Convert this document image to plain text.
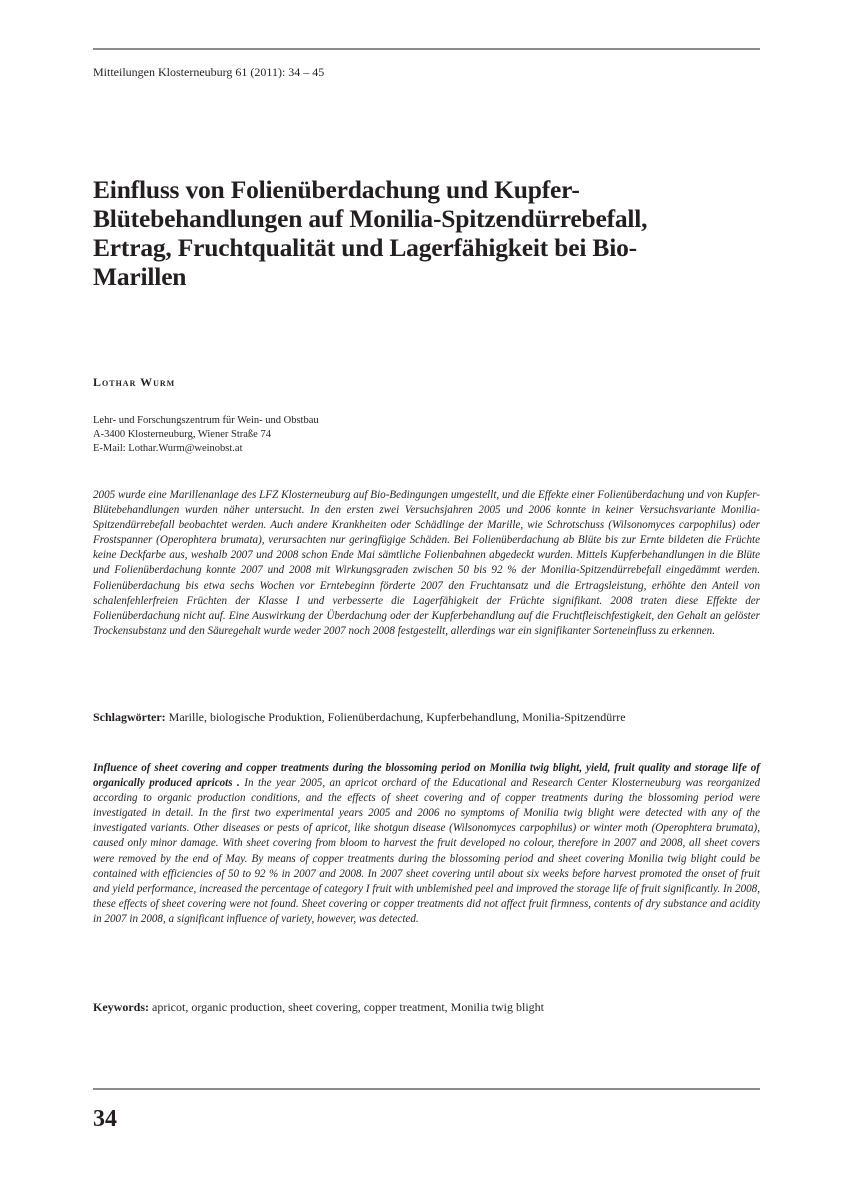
Mitteilungen Klosterneuburg 61 (2011): 34 – 45
Einfluss von Folienüberdachung und Kupfer-
Blütebehandlungen auf Monilia-Spitzendürrebefall,
Ertrag, Fruchtqualität und Lagerfähigkeit bei Bio-
Marillen
Lothar Wurm
Lehr- und Forschungszentrum für Wein- und Obstbau
A-3400 Klosterneuburg, Wiener Straße 74
E-Mail: Lothar.Wurm@weinobst.at

2005 wurde eine Marillenanlage des LFZ Klosterneuburg auf Bio-Bedingungen umgestellt, und die Effekte einer Folienüberdachung und von Kupfer-Blütebehandlungen wurden näher untersucht. In den ersten zwei Versuchsjahren 2005 und 2006 konnte in keiner Versuchsvariante Monilia-Spitzendürrebefall beobachtet werden. Auch andere Krankheiten oder Schädlinge der Marille, wie Schrotschuss (Wilsonomyces carpophilus) oder Frostspanner (Operophtera brumata), verursachten nur geringfügige Schäden. Bei Folienüberdachung ab Blüte bis zur Ernte bildeten die Früchte keine Deckfarbe aus, weshalb 2007 und 2008 schon Ende Mai sämtliche Folienbahnen abgedeckt wurden. Mittels Kupferbehandlungen in die Blüte und Folienüberdachung konnte 2007 und 2008 mit Wirkungsgraden zwischen 50 bis 92 % der Monilia-Spitzendürrebefall eingedämmt werden. Folienüberdachung bis etwa sechs Wochen vor Erntebeginn förderte 2007 den Fruchtansatz und die Ertragsleistung, erhöhte den Anteil von schalenfehlerfreien Früchten der Klasse I und verbesserte die Lagerfähigkeit der Früchte signifikant. 2008 traten diese Effekte der Folienüberdachung nicht auf. Eine Auswirkung der Überdachung oder der Kupferbehandlung auf die Fruchtfleischfestigkeit, den Gehalt an gelöster Trockensubstanz und den Säuregehalt wurde weder 2007 noch 2008 festgestellt, allerdings war ein signifikanter Sorteneinfluss zu erkennen.

Schlagwörter: Marille, biologische Produktion, Folienüberdachung, Kupferbehandlung, Monilia-Spitzendürre

Influence of sheet covering and copper treatments during the blossoming period on Monilia twig blight, yield, fruit quality and storage life of organically produced apricots . In the year 2005, an apricot orchard of the Educational and Research Center Klosterneuburg was reorganized according to organic production conditions, and the effects of sheet covering and of copper treatments during the blossoming period were investigated in detail. In the first two experimental years 2005 and 2006 no symptoms of Monilia twig blight were detected with any of the investigated variants. Other diseases or pests of apricot, like shotgun disease (Wilsonomyces carpophilus) or winter moth (Operophtera brumata), caused only minor damage. With sheet covering from bloom to harvest the fruit developed no colour, therefore in 2007 and 2008, all sheet covers were removed by the end of May. By means of copper treatments during the blossoming period and sheet covering Monilia twig blight could be contained with efficiencies of 50 to 92 % in 2007 and 2008. In 2007 sheet covering until about six weeks before harvest promoted the onset of fruit and yield performance, increased the percentage of category I fruit with unblemished peel and improved the storage life of fruit significantly. In 2008, these effects of sheet covering were not found. Sheet covering or copper treatments did not affect fruit firmness, contents of dry substance and acidity in 2007 in 2008, a significant influence of variety, however, was detected.

Keywords: apricot, organic production, sheet covering, copper treatment, Monilia twig blight

34
